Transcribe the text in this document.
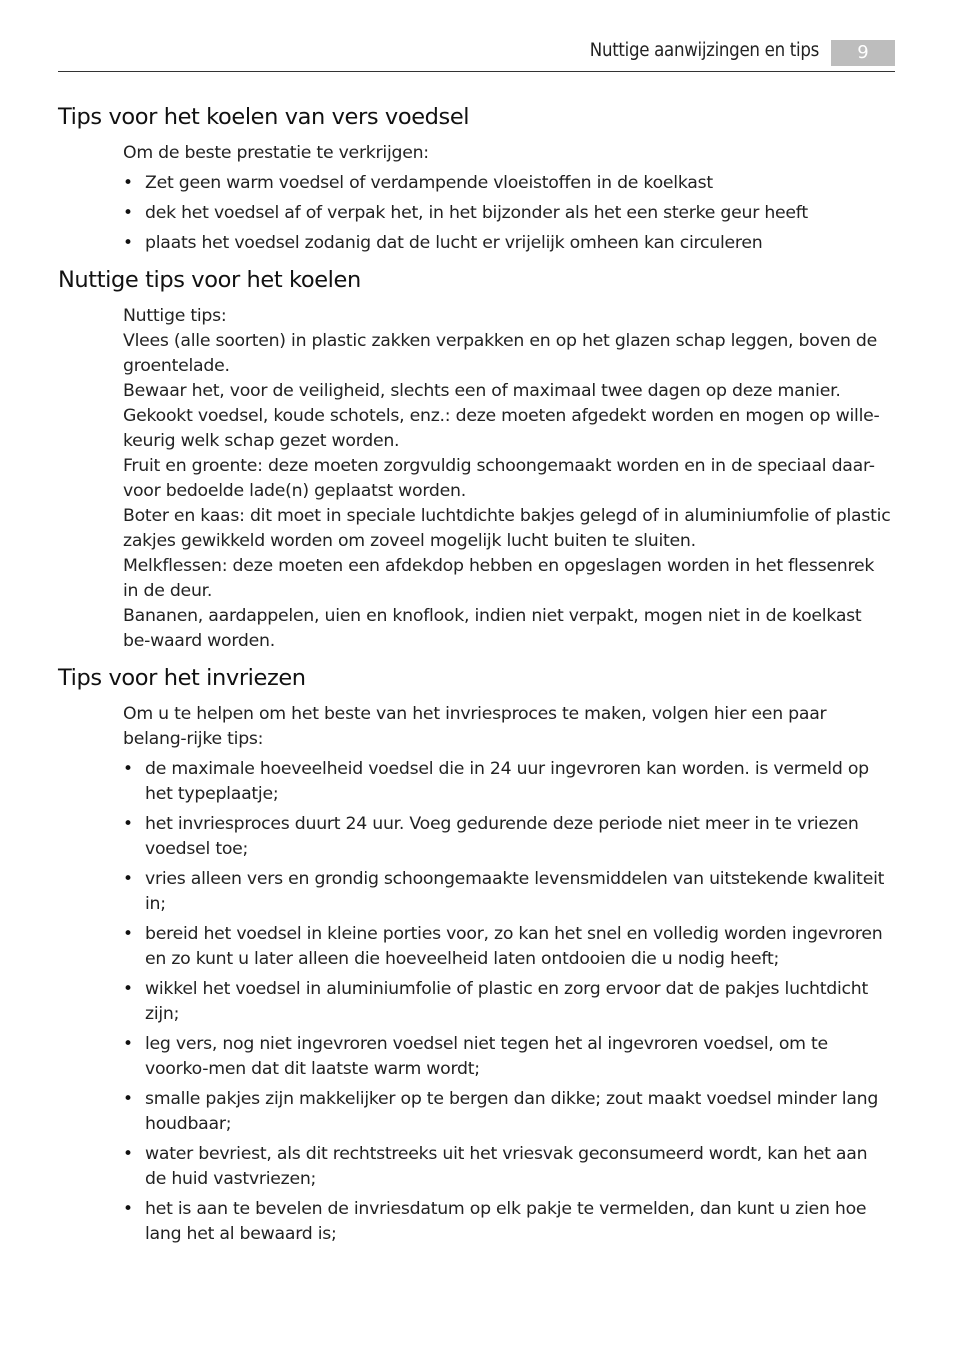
Nuttige aanwijzingen en tips	9
Tips voor het koelen van vers voedsel

Om de beste prestatie te verkrijgen:

• Zet geen warm voedsel of verdampende vloeistoffen in de koelkast
• dek het voedsel af of verpak het, in het bijzonder als het een sterke geur heeft
• plaats het voedsel zodanig dat de lucht er vrijelijk omheen kan circuleren
Nuttige tips voor het koelen

Nuttige tips:

Vlees (alle soorten) in plastic zakken verpakken en op het glazen schap leggen, boven de groentelade.

Bewaar het, voor de veiligheid, slechts een of maximaal twee dagen op deze manier.

Gekookt voedsel, koude schotels, enz.: deze moeten afgedekt worden en mogen op wille-keurig welk schap gezet worden.

Fruit en groente: deze moeten zorgvuldig schoongemaakt worden en in de speciaal daar-voor bedoelde lade(n) geplaatst worden.

Boter en kaas: dit moet in speciale luchtdichte bakjes gelegd of in aluminiumfolie of plastic zakjes gewikkeld worden om zoveel mogelijk lucht buiten te sluiten.

Melkflessen: deze moeten een afdekdop hebben en opgeslagen worden in het flessenrek in de deur.

Bananen, aardappelen, uien en knoflook, indien niet verpakt, mogen niet in de koelkast be-waard worden.

Tips voor het invriezen

Om u te helpen om het beste van het invriesproces te maken, volgen hier een paar belang-rijke tips:

• de maximale hoeveelheid voedsel die in 24 uur ingevroren kan worden. is vermeld op het typeplaatje;
• het invriesproces duurt 24 uur. Voeg gedurende deze periode niet meer in te vriezen voedsel toe;
• vries alleen vers en grondig schoongemaakte levensmiddelen van uitstekende kwaliteit in;
• bereid het voedsel in kleine porties voor, zo kan het snel en volledig worden ingevroren en zo kunt u later alleen die hoeveelheid laten ontdooien die u nodig heeft;
• wikkel het voedsel in aluminiumfolie of plastic en zorg ervoor dat de pakjes luchtdicht zijn;
• leg vers, nog niet ingevroren voedsel niet tegen het al ingevroren voedsel, om te voorko-men dat dit laatste warm wordt;
• smalle pakjes zijn makkelijker op te bergen dan dikke; zout maakt voedsel minder lang houdbaar;
• water bevriest, als dit rechtstreeks uit het vriesvak geconsumeerd wordt, kan het aan de huid vastvriezen;
• het is aan te bevelen de invriesdatum op elk pakje te vermelden, dan kunt u zien hoe lang het al bewaard is;
